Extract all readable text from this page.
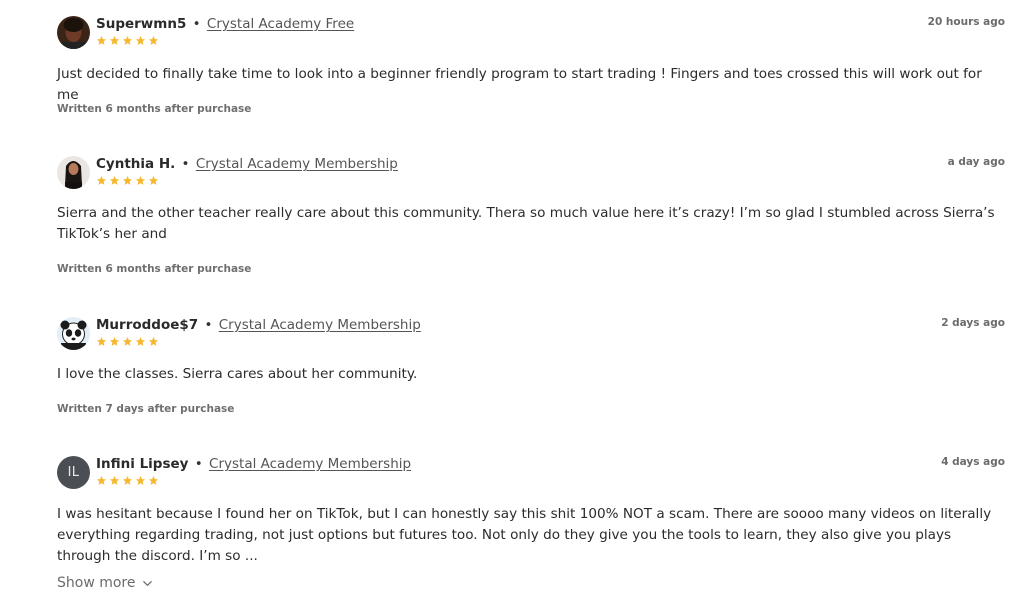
Superwmn5 • Crystal Academy Free	20 hours ago
Just decided to finally take time to look into a beginner friendly program to start trading ! Fingers and toes crossed this will work out for me
Written 6 months after purchase
Cynthia H. • Crystal Academy Membership	a day ago
Sierra and the other teacher really care about this community. Thera so much value here it’s crazy! I’m so glad I stumbled across Sierra’s TikTok’s her and
Written 6 months after purchase
Murroddoe$7 • Crystal Academy Membership	2 days ago
I love the classes. Sierra cares about her community.
Written 7 days after purchase
IL
Infini Lipsey • Crystal Academy Membership	4 days ago
I was hesitant because I found her on TikTok, but I can honestly say this shit 100% NOT a scam. There are soooo many videos on literally everything regarding trading, not just options but futures too. Not only do they give you the tools to learn, they also give you plays through the discord. I’m so ...
Show more
